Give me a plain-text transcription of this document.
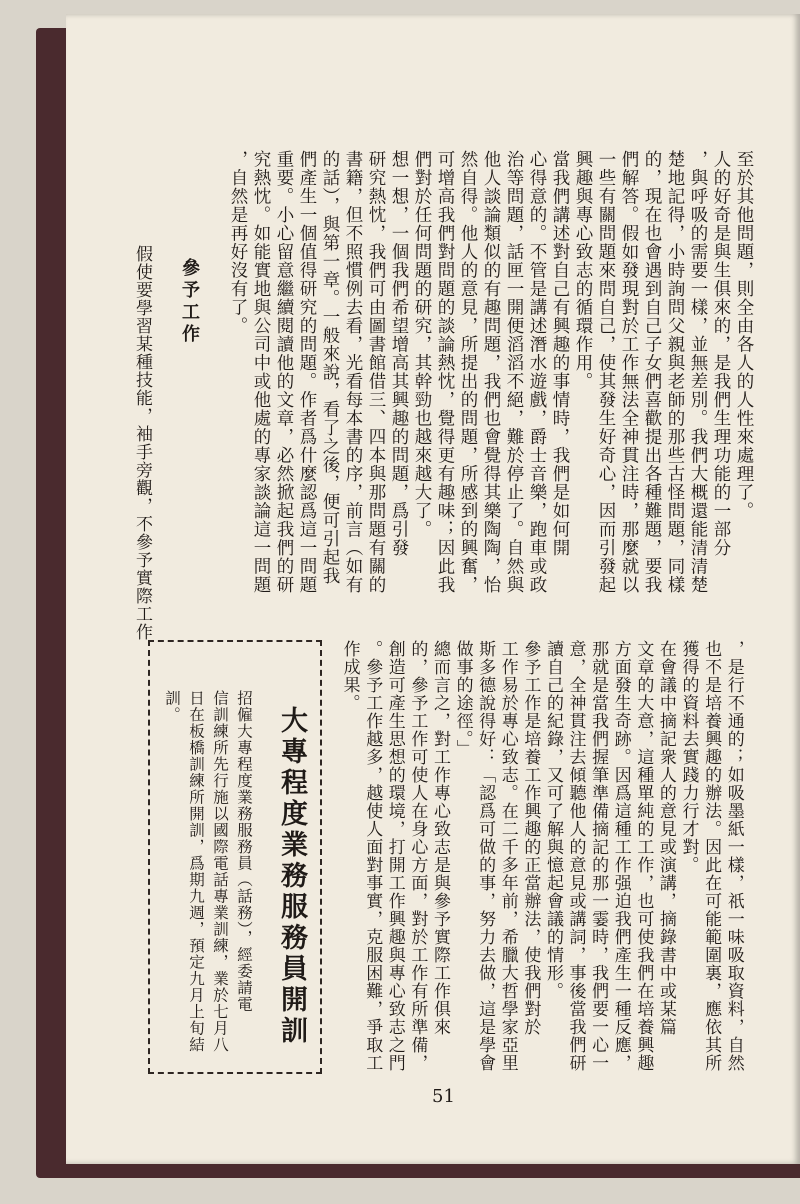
至於其他問題，則全由各人的人性來處理了。
人的好奇是與生俱來的，是我們生理功能的一部分
，與呼吸的需要一樣，並無差別。我們大概還能清清楚
楚地記得，小時詢問父親與老師的那些古怪問題，同樣
的，現在也會遇到自己子女們喜歡提出各種難題，要我
們解答。假如發現對於工作無法全神貫注時，那麼就以
一些有關問題來問自己，使其發生好奇心，因而引發起
興趣與專心致志的循環作用。
當我們講述對自己有興趣的事情時，我們是如何開
心得意的。不管是講述潛水遊戲，爵士音樂，跑車或政
治等問題，話匣一開便滔滔不絕，難於停止了。自然與
他人談論類似的有趣問題，我們也會覺得其樂陶陶，怡
然自得。他人的意見，所提出的問題，所感到的興奮，
可增高我們對問題的談論熱忱，覺得更有趣味；因此我
們對於任何問題的研究，其幹勁也越來越大了。
想一想，一個我們希望增高其興趣的問題，爲引發
研究熱忱，我們可由圖書館借三、四本與那問題有關的
書籍，但不照慣例去看，光看每本書的序，前言（如有
的話），與第一章。一般來說，看了之後，便可引起我
們產生一個值得研究的問題。作者爲什麼認爲這一問題
重要。小心留意繼續閱讀他的文章，必然掀起我們的研
究熱忱。如能實地與公司中或他處的專家談論這一問題
，自然是再好沒有了。
參予工作
假使要學習某種技能，袖手旁觀，不參予實際工作
，是行不通的；如吸墨紙一樣，祇一味吸取資料，自然
也不是培養興趣的辦法。因此在可能範圍裏，應依其所
獲得的資料去實踐力行才對。
在會議中摘記衆人的意見或演講，摘錄書中或某篇
文章的大意，這種單純的工作，也可使我們在培養興趣
方面發生奇跡。因爲這種工作强迫我們產生一種反應，
那就是當我們握筆準備摘記的那一霎時，我們要一心一
意，全神貫注去傾聽他人的意見或講詞，事後當我們研
讀自己的紀錄，又可了解與憶起會議的情形。
參予工作是培養工作興趣的正當辦法，使我們對於
工作易於專心致志。在二千多年前，希臘大哲學家亞里
斯多德說得好：「認爲可做的事，努力去做，這是學會
做事的途徑。」
總而言之，對工作專心致志是與參予實際工作俱來
的，參予工作可使人在身心方面，對於工作有所準備，
創造可產生思想的環境，打開工作興趣與專心致志之門
。參予工作越多，越使人面對事實，克服困難，爭取工
作成果。
大專程度業務服務員開訓
招僱大專程度業務服務員（話務），經委請電
信訓練所先行施以國際電話專業訓練，業於七月八
日在板橋訓練所開訓，爲期九週，預定九月上旬結
訓。
51
